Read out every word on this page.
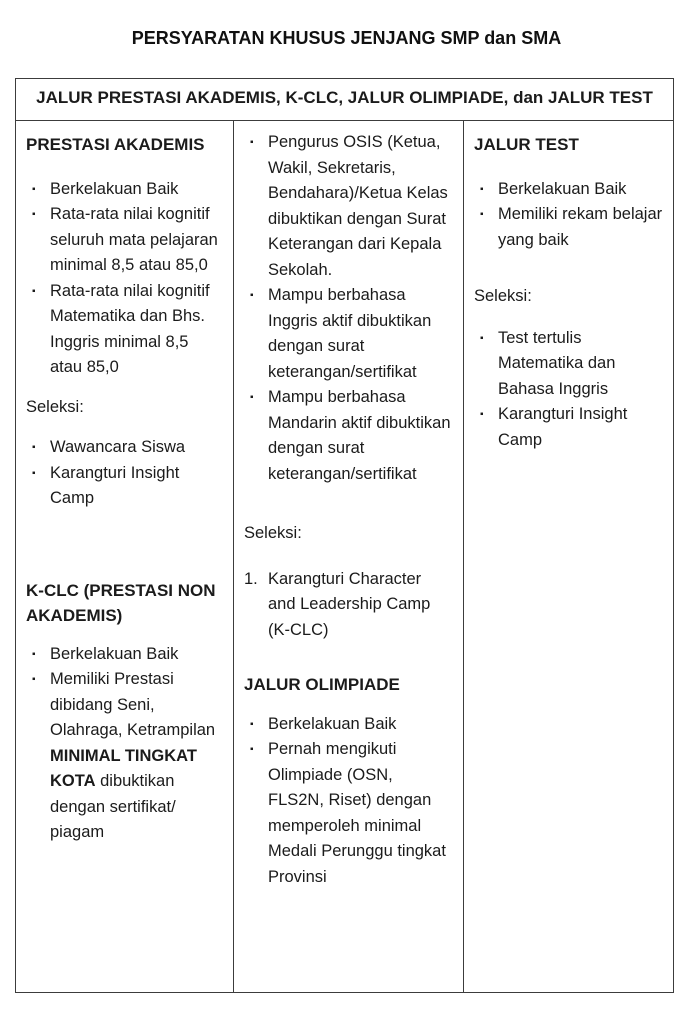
PERSYARATAN KHUSUS JENJANG SMP dan SMA
JALUR PRESTASI AKADEMIS, K-CLC, JALUR OLIMPIADE, dan JALUR TEST
PRESTASI AKADEMIS
▪ Berkelakuan Baik
▪ Rata-rata nilai kognitif seluruh mata pelajaran minimal 8,5 atau 85,0
▪ Rata-rata nilai kognitif Matematika dan Bhs. Inggris minimal 8,5 atau 85,0

Seleksi:

▪ Wawancara Siswa
▪ Karangturi Insight Camp
K-CLC (PRESTASI NON AKADEMIS)
▪ Berkelakuan Baik
▪ Memiliki Prestasi dibidang Seni, Olahraga, Ketrampilan MINIMAL TINGKAT KOTA dibuktikan dengan sertifikat/ piagam
▪ Pengurus OSIS (Ketua, Wakil, Sekretaris, Bendahara)/Ketua Kelas dibuktikan dengan Surat Keterangan dari Kepala Sekolah.
▪ Mampu berbahasa Inggris aktif dibuktikan dengan surat keterangan/sertifikat
▪ Mampu berbahasa Mandarin aktif dibuktikan dengan surat keterangan/sertifikat

Seleksi:

1. Karangturi Character and Leadership Camp (K-CLC)
JALUR OLIMPIADE
▪ Berkelakuan Baik
▪ Pernah mengikuti Olimpiade (OSN, FLS2N, Riset) dengan memperoleh minimal Medali Perunggu tingkat Provinsi
JALUR TEST
▪ Berkelakuan Baik
▪ Memiliki rekam belajar yang baik

Seleksi:

▪ Test tertulis Matematika dan Bahasa Inggris
▪ Karangturi Insight Camp
